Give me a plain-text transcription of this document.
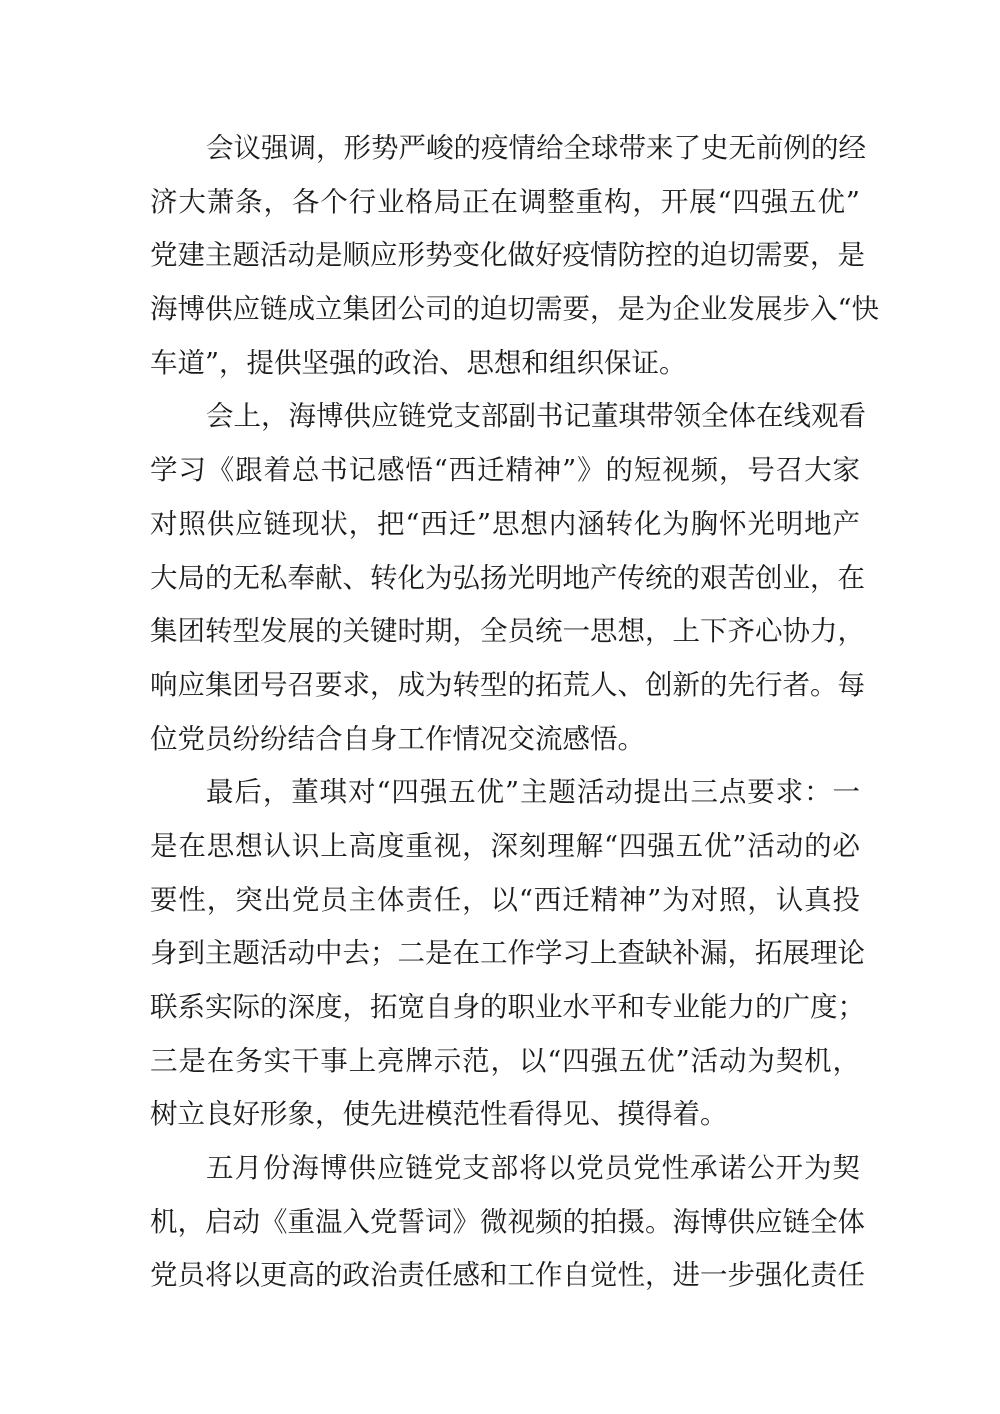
会议强调，形势严峻的疫情给全球带来了史无前例的经
济大萧条，各个行业格局正在调整重构，开展“四强五优”
党建主题活动是顺应形势变化做好疫情防控的迫切需要，是
海博供应链成立集团公司的迫切需要，是为企业发展步入“快
车道”，提供坚强的政治、思想和组织保证。
会上，海博供应链党支部副书记董琪带领全体在线观看
学习《跟着总书记感悟“西迁精神”》的短视频，号召大家
对照供应链现状，把“西迁”思想内涵转化为胸怀光明地产
大局的无私奉献、转化为弘扬光明地产传统的艰苦创业，在
集团转型发展的关键时期，全员统一思想，上下齐心协力，
响应集团号召要求，成为转型的拓荒人、创新的先行者。每
位党员纷纷结合自身工作情况交流感悟。
最后，董琪对“四强五优”主题活动提出三点要求：一
是在思想认识上高度重视，深刻理解“四强五优”活动的必
要性，突出党员主体责任，以“西迁精神”为对照，认真投
身到主题活动中去；二是在工作学习上查缺补漏，拓展理论
联系实际的深度，拓宽自身的职业水平和专业能力的广度；
三是在务实干事上亮牌示范，以“四强五优”活动为契机，
树立良好形象，使先进模范性看得见、摸得着。
五月份海博供应链党支部将以党员党性承诺公开为契
机，启动《重温入党誓词》微视频的拍摄。海博供应链全体
党员将以更高的政治责任感和工作自觉性，进一步强化责任
